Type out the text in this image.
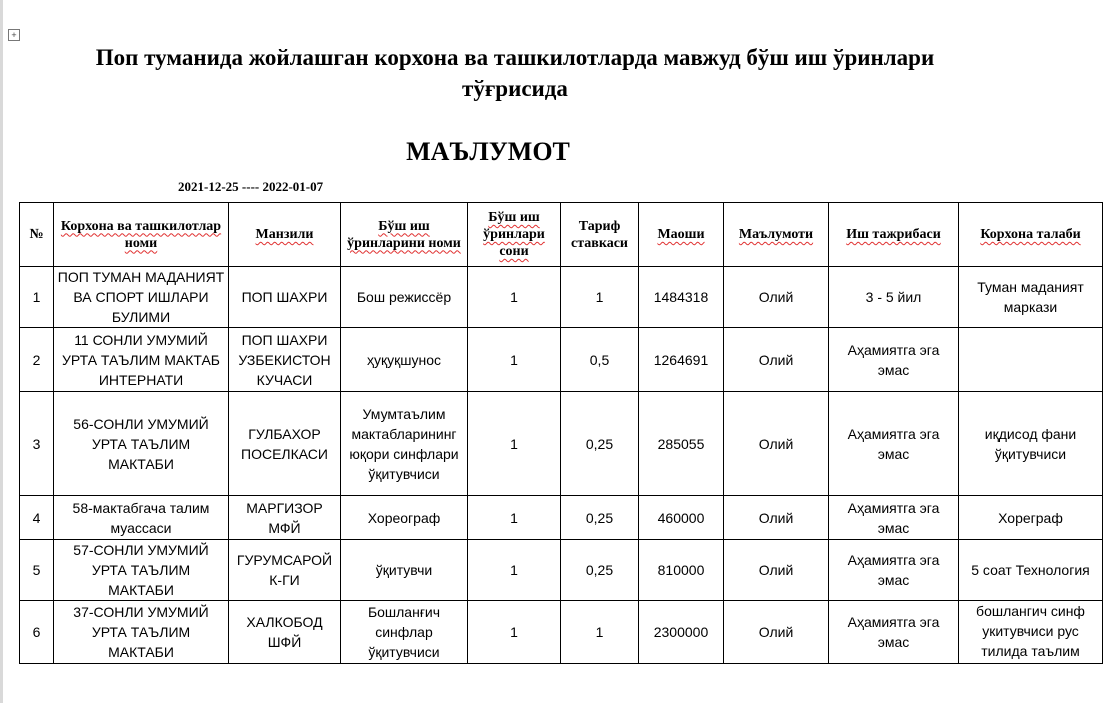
+
Поп туманида жойлашган корхона ва ташкилотларда мавжуд бўш иш ўринлари тўғрисида
МАЪЛУМОТ
2021-12-25 ---- 2022-01-07
№	Корхона ва ташкилотлар номи	Манзили	Бўш иш ўринларини номи	Бўш иш ўринлари сони	Тариф ставкаси	Маоши	Маълумоти	Иш тажрибаси	Корхона талаби
1	ПОП ТУМАН МАДАНИЯТ ВА СПОРТ ИШЛАРИ БУЛИМИ	ПОП ШАХРИ	Бош режиссёр	1	1	1484318	Олий	3 - 5 йил	Туман маданият маркази
2	11 СОНЛИ УМУМИЙ УРТА ТАЪЛИМ МАКТАБ ИНТЕРНАТИ	ПОП ШАХРИ УЗБЕКИСТОН КУЧАСИ	ҳуқуқшунос	1	0,5	1264691	Олий	Аҳамиятга эга эмас	
3	56-СОНЛИ УМУМИЙ УРТА ТАЪЛИМ МАКТАБИ	ГУЛБАХОР ПОСЕЛКАСИ	Умумтаълим мактабларининг юқори синфлари ўқитувчиси	1	0,25	285055	Олий	Аҳамиятга эга эмас	иқдисод фани ўқитувчиси
4	58-мактабгача талим муассаси	МАРГИЗОР МФЙ	Хореограф	1	0,25	460000	Олий	Аҳамиятга эга эмас	Хореграф
5	57-СОНЛИ УМУМИЙ УРТА ТАЪЛИМ МАКТАБИ	ГУРУМСАРОЙ К-ГИ	ўқитувчи	1	0,25	810000	Олий	Аҳамиятга эга эмас	5 соат Технология
6	37-СОНЛИ УМУМИЙ УРТА ТАЪЛИМ МАКТАБИ	ХАЛКОБОД ШФЙ	Бошланғич синфлар ўқитувчиси	1	1	2300000	Олий	Аҳамиятга эга эмас	бошлангич синф укитувчиси рус тилида таълим
